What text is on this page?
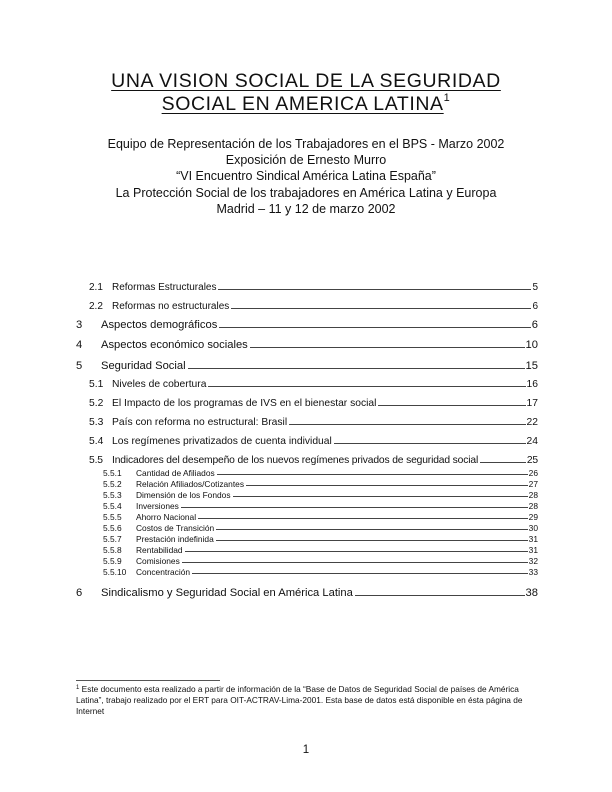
UNA VISION SOCIAL DE LA SEGURIDAD
SOCIAL EN AMERICA LATINA$^1$
Equipo de Representación de los Trabajadores en el BPS - Marzo 2002
Exposición de Ernesto Murro
“VI Encuentro Sindical América Latina España”
La Protección Social de los trabajadores en América Latina y Europa
Madrid – 11 y 12 de marzo 2002
2.1 Reformas Estructurales	5
2.2 Reformas no estructurales	6
3	Aspectos demográficos	6
4	Aspectos económico sociales	10
5	Seguridad Social	15
5.1 Niveles de cobertura	16
5.2 El Impacto de los programas de IVS en el bienestar social	17
5.3 País con reforma no estructural: Brasil	22
5.4 Los regímenes privatizados de cuenta individual	24
5.5 Indicadores del desempeño de los nuevos regímenes privados de seguridad social	25
5.5.1	Cantidad de Afiliados	26
5.5.2	Relación Afiliados/Cotizantes	27
5.5.3	Dimensión de los Fondos	28
5.5.4	Inversiones	28
5.5.5	Ahorro Nacional	29
5.5.6	Costos de Transición	30
5.5.7	Prestación indefinida	31
5.5.8	Rentabilidad	31
5.5.9	Comisiones	32
5.5.10	Concentración	33
6	Sindicalismo y Seguridad Social en América Latina	38
$^1$ Este documento esta realizado a partir de información de la “Base de Datos de Seguridad Social de países de América Latina”, trabajo realizado por el ERT para OIT-ACTRAV-Lima-2001. Esta base de datos está disponible en ésta página de Internet
1
